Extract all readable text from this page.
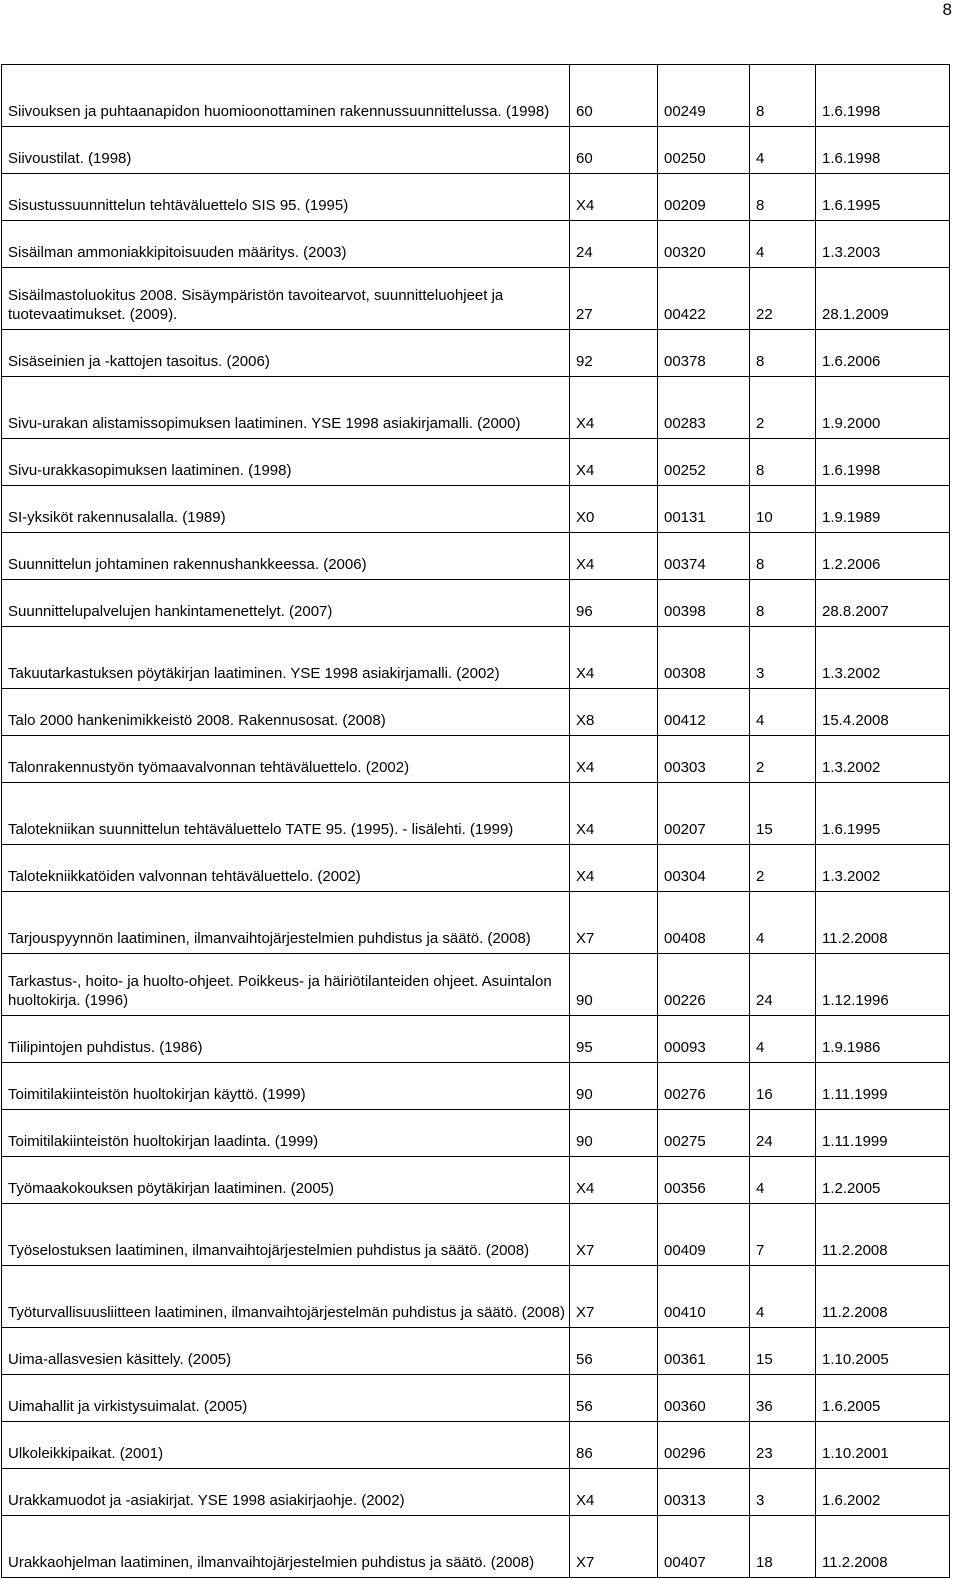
8
Siivouksen ja puhtaanapidon huomioonottaminen rakennussuunnittelussa. (1998)	60	00249	8	1.6.1998
Siivoustilat. (1998)	60	00250	4	1.6.1998
Sisustussuunnittelun tehtäväluettelo SIS 95. (1995)	X4	00209	8	1.6.1995
Sisäilman ammoniakkipitoisuuden määritys. (2003)	24	00320	4	1.3.2003
Sisäilmastoluokitus 2008. Sisäympäristön tavoitearvot, suunnitteluohjeet ja tuotevaatimukset. (2009).	27	00422	22	28.1.2009
Sisäseinien ja -kattojen tasoitus. (2006)	92	00378	8	1.6.2006
Sivu-urakan alistamissopimuksen laatiminen. YSE 1998 asiakirjamalli. (2000)	X4	00283	2	1.9.2000
Sivu-urakkasopimuksen laatiminen. (1998)	X4	00252	8	1.6.1998
SI-yksiköt rakennusalalla. (1989)	X0	00131	10	1.9.1989
Suunnittelun johtaminen rakennushankkeessa. (2006)	X4	00374	8	1.2.2006
Suunnittelupalvelujen hankintamenettelyt. (2007)	96	00398	8	28.8.2007
Takuutarkastuksen pöytäkirjan laatiminen. YSE 1998 asiakirjamalli. (2002)	X4	00308	3	1.3.2002
Talo 2000 hankenimikkeistö 2008. Rakennusosat. (2008)	X8	00412	4	15.4.2008
Talonrakennustyön työmaavalvonnan tehtäväluettelo. (2002)	X4	00303	2	1.3.2002
Talotekniikan suunnittelun tehtäväluettelo TATE 95. (1995). - lisälehti. (1999)	X4	00207	15	1.6.1995
Talotekniikkatöiden valvonnan tehtäväluettelo. (2002)	X4	00304	2	1.3.2002
Tarjouspyynnön laatiminen, ilmanvaihtojärjestelmien puhdistus ja säätö. (2008)	X7	00408	4	11.2.2008
Tarkastus-, hoito- ja huolto-ohjeet. Poikkeus- ja häiriötilanteiden ohjeet. Asuintalon huoltokirja. (1996)	90	00226	24	1.12.1996
Tiilipintojen puhdistus. (1986)	95	00093	4	1.9.1986
Toimitilakiinteistön huoltokirjan käyttö. (1999)	90	00276	16	1.11.1999
Toimitilakiinteistön huoltokirjan laadinta. (1999)	90	00275	24	1.11.1999
Työmaakokouksen pöytäkirjan laatiminen. (2005)	X4	00356	4	1.2.2005
Työselostuksen laatiminen, ilmanvaihtojärjestelmien puhdistus ja säätö. (2008)	X7	00409	7	11.2.2008
Työturvallisuusliitteen laatiminen, ilmanvaihtojärjestelmän puhdistus ja säätö. (2008)	X7	00410	4	11.2.2008
Uima-allasvesien käsittely. (2005)	56	00361	15	1.10.2005
Uimahallit ja virkistysuimalat. (2005)	56	00360	36	1.6.2005
Ulkoleikkipaikat. (2001)	86	00296	23	1.10.2001
Urakkamuodot ja -asiakirjat. YSE 1998 asiakirjaohje. (2002)	X4	00313	3	1.6.2002
Urakkaohjelman laatiminen, ilmanvaihtojärjestelmien puhdistus ja säätö. (2008)	X7	00407	18	11.2.2008
